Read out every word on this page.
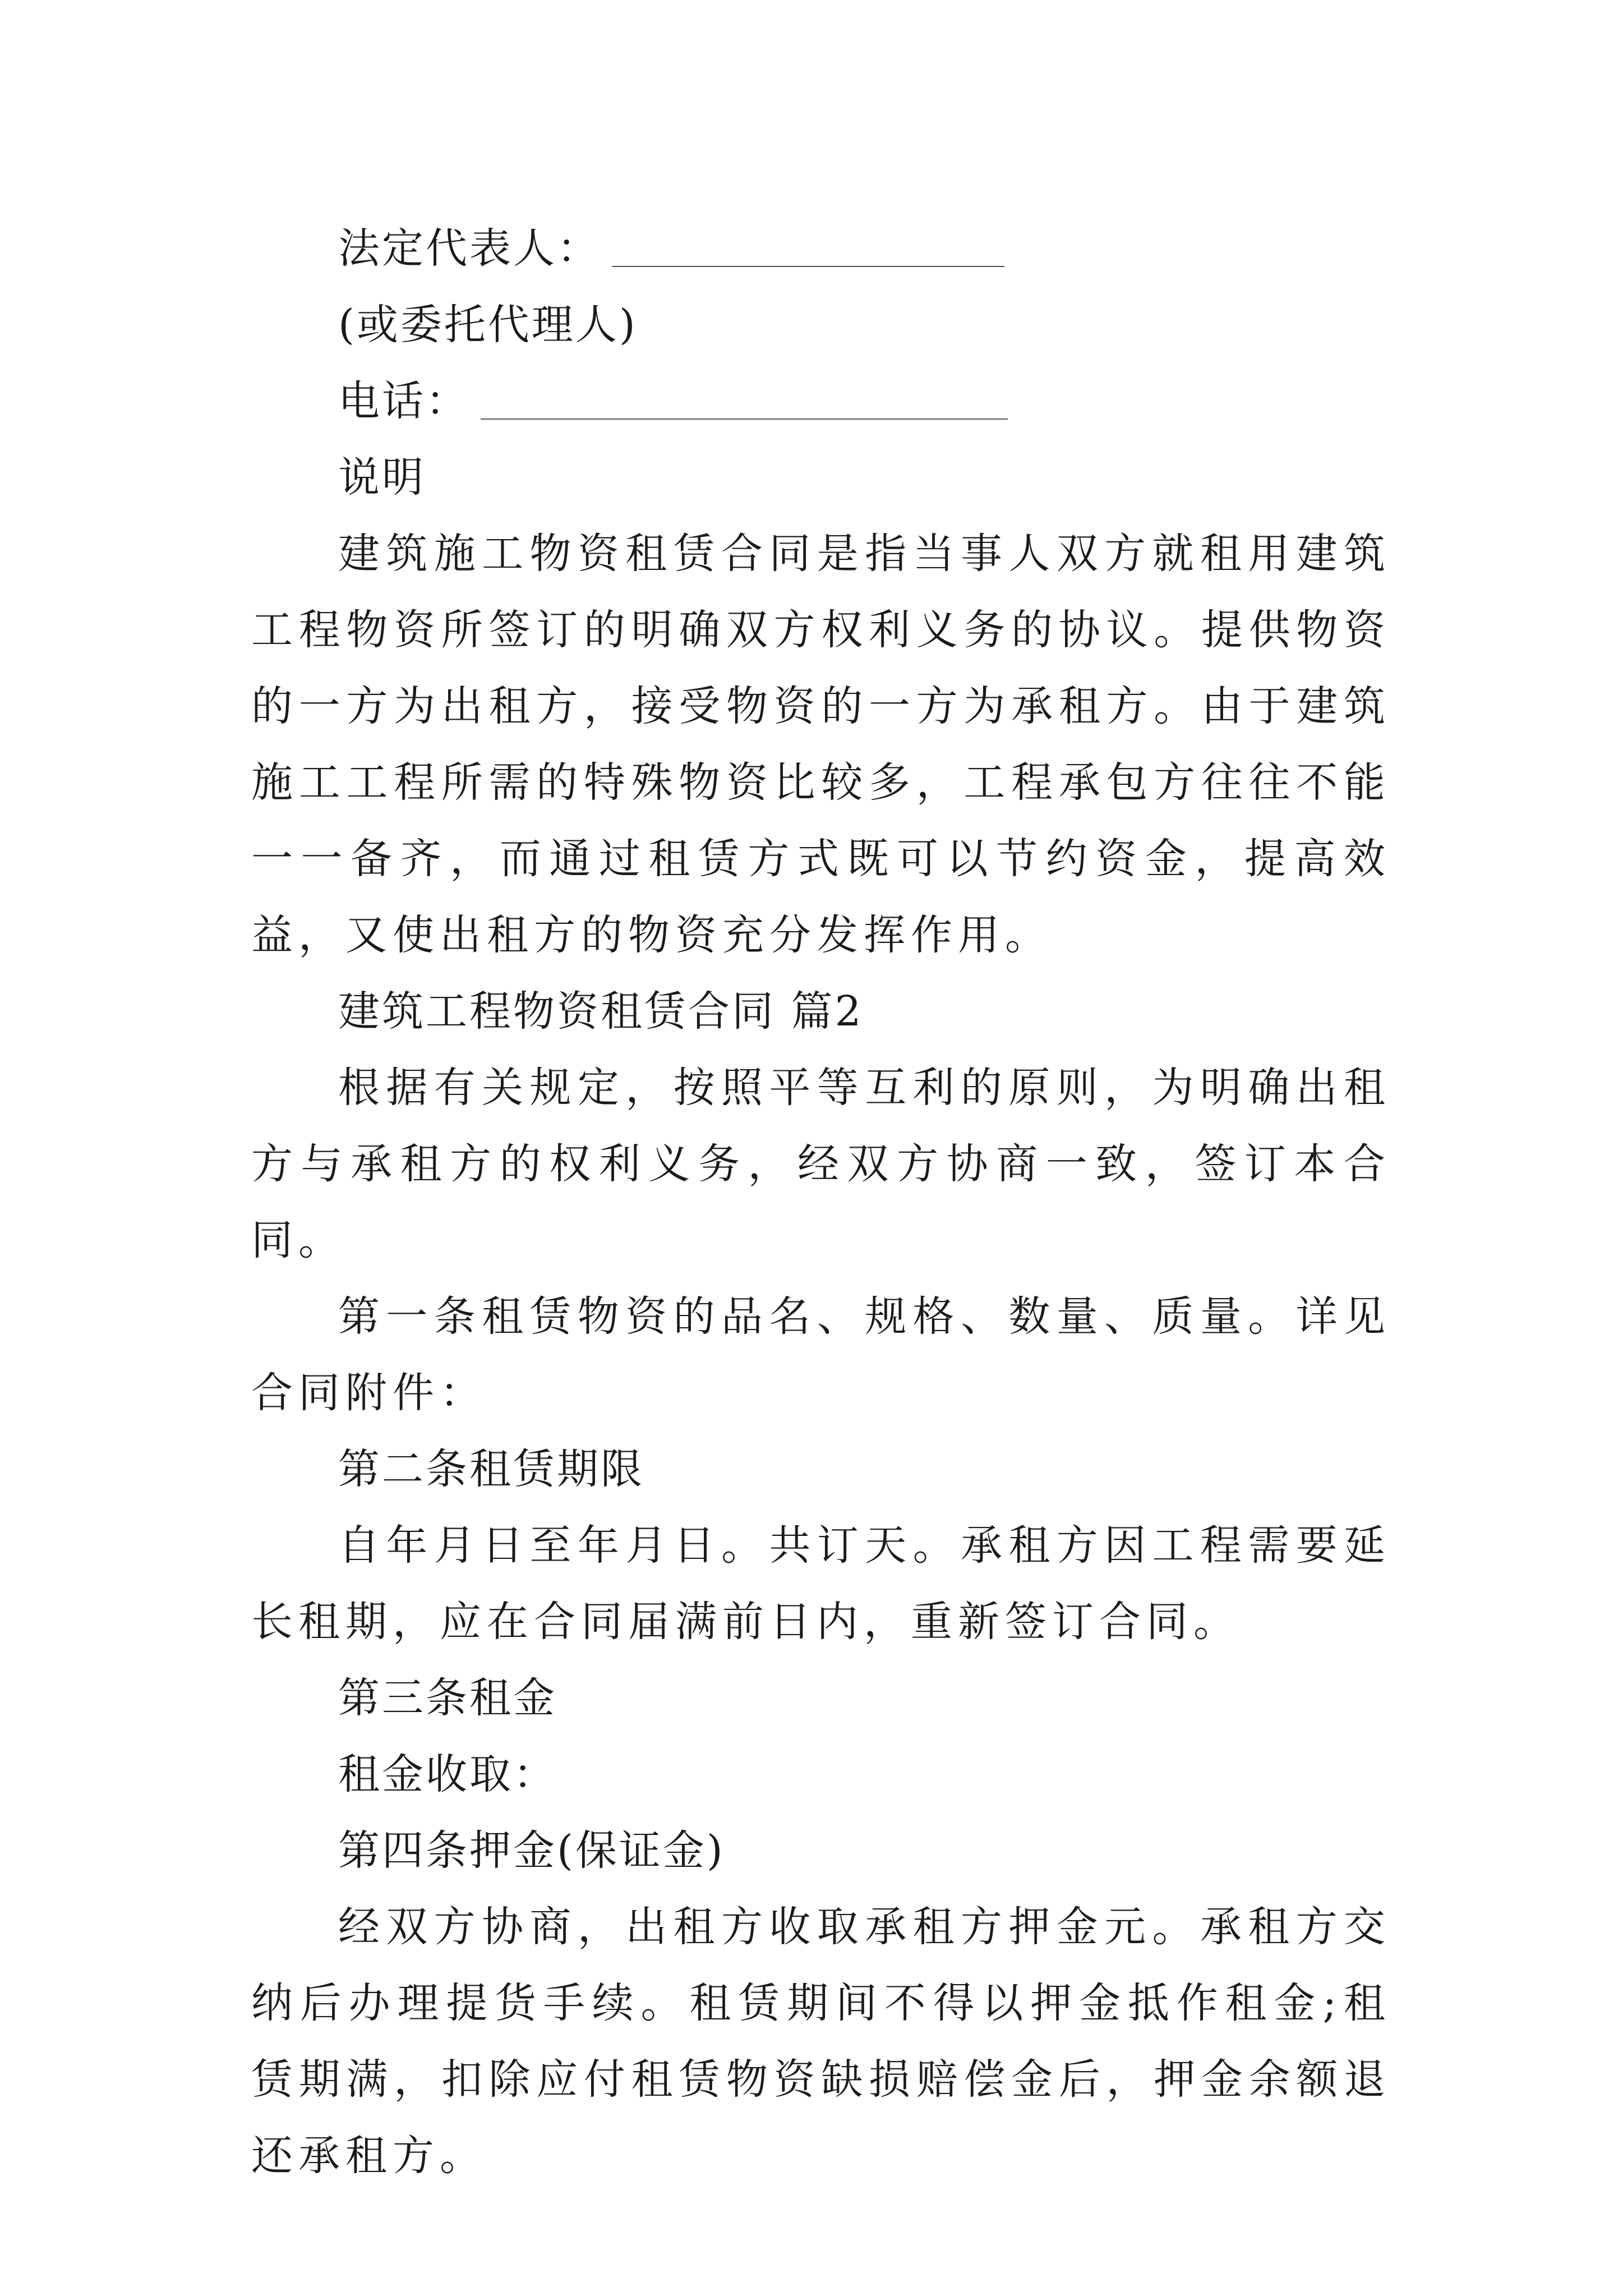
法定代表人：
(或委托代理人)
电话：
说明
建筑施工物资租赁合同是指当事人双方就租用建筑工程物资所签订的明确双方权利义务的协议。提供物资的一方为出租方，接受物资的一方为承租方。由于建筑施工工程所需的特殊物资比较多，工程承包方往往不能一一备齐，而通过租赁方式既可以节约资金，提高效益，又使出租方的物资充分发挥作用。
建筑工程物资租赁合同 篇2
根据有关规定，按照平等互利的原则，为明确出租方与承租方的权利义务，经双方协商一致，签订本合同。
第一条租赁物资的品名、规格、数量、质量。详见合同附件：
第二条租赁期限
自年月日至年月日。共订天。承租方因工程需要延长租期，应在合同届满前日内，重新签订合同。
第三条租金
租金收取：
第四条押金(保证金)
经双方协商，出租方收取承租方押金元。承租方交纳后办理提货手续。租赁期间不得以押金抵作租金;租赁期满，扣除应付租赁物资缺损赔偿金后，押金余额退还承租方。
